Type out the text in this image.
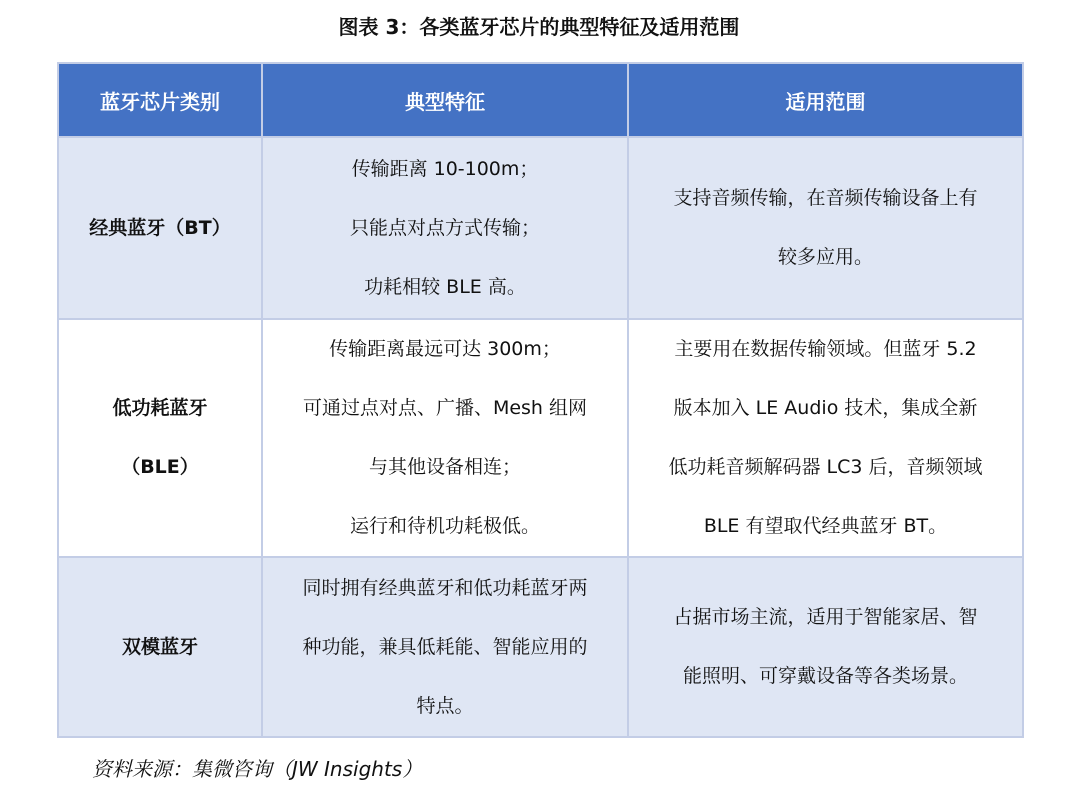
图表 3：各类蓝牙芯片的典型特征及适用范围
蓝牙芯片类别	典型特征	适用范围

经典蓝牙（BT）	传输距离 10-100m；
只能点对点方式传输；
功耗相较 BLE 高。	支持音频传输，在音频传输设备上有
较多应用。

低功耗蓝牙
（BLE）	传输距离最远可达 300m；
可通过点对点、广播、Mesh 组网
与其他设备相连；
运行和待机功耗极低。	主要用在数据传输领域。但蓝牙 5.2
版本加入 LE Audio 技术，集成全新
低功耗音频解码器 LC3 后，音频领域
BLE 有望取代经典蓝牙 BT。

双模蓝牙	同时拥有经典蓝牙和低功耗蓝牙两
种功能，兼具低耗能、智能应用的
特点。	占据市场主流，适用于智能家居、智
能照明、可穿戴设备等各类场景。
资料来源：集微咨询（JW Insights）
